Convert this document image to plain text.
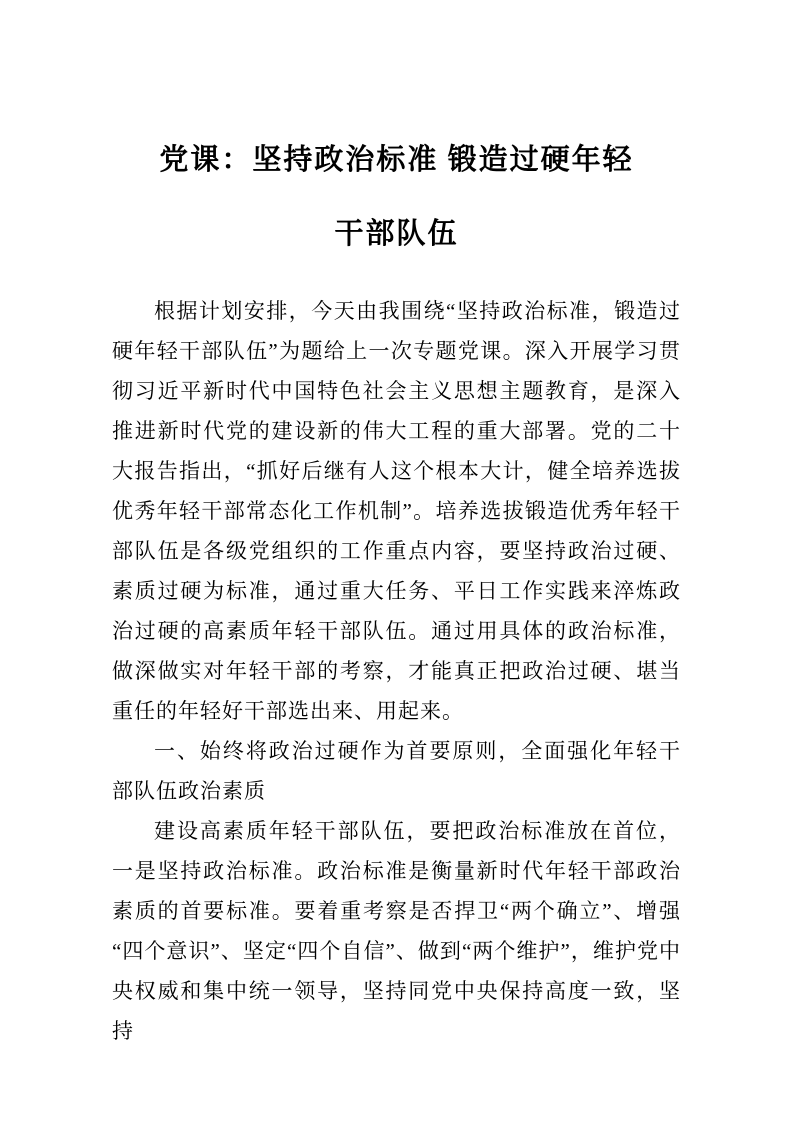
党课：坚持政治标准 锻造过硬年轻
干部队伍

根据计划安排，今天由我围绕“坚持政治标准，锻造过硬年轻干部队伍”为题给上一次专题党课。深入开展学习贯彻习近平新时代中国特色社会主义思想主题教育，是深入推进新时代党的建设新的伟大工程的重大部署。党的二十大报告指出，“抓好后继有人这个根本大计，健全培养选拔优秀年轻干部常态化工作机制”。培养选拔锻造优秀年轻干部队伍是各级党组织的工作重点内容，要坚持政治过硬、素质过硬为标准，通过重大任务、平日工作实践来淬炼政治过硬的高素质年轻干部队伍。通过用具体的政治标准，做深做实对年轻干部的考察，才能真正把政治过硬、堪当重任的年轻好干部选出来、用起来。

一、始终将政治过硬作为首要原则，全面强化年轻干部队伍政治素质

建设高素质年轻干部队伍，要把政治标准放在首位，一是坚持政治标准。政治标准是衡量新时代年轻干部政治素质的首要标准。要着重考察是否捍卫“两个确立”、增强“四个意识”、坚定“四个自信”、做到“两个维护”，维护党中央权威和集中统一领导，坚持同党中央保持高度一致，坚持
